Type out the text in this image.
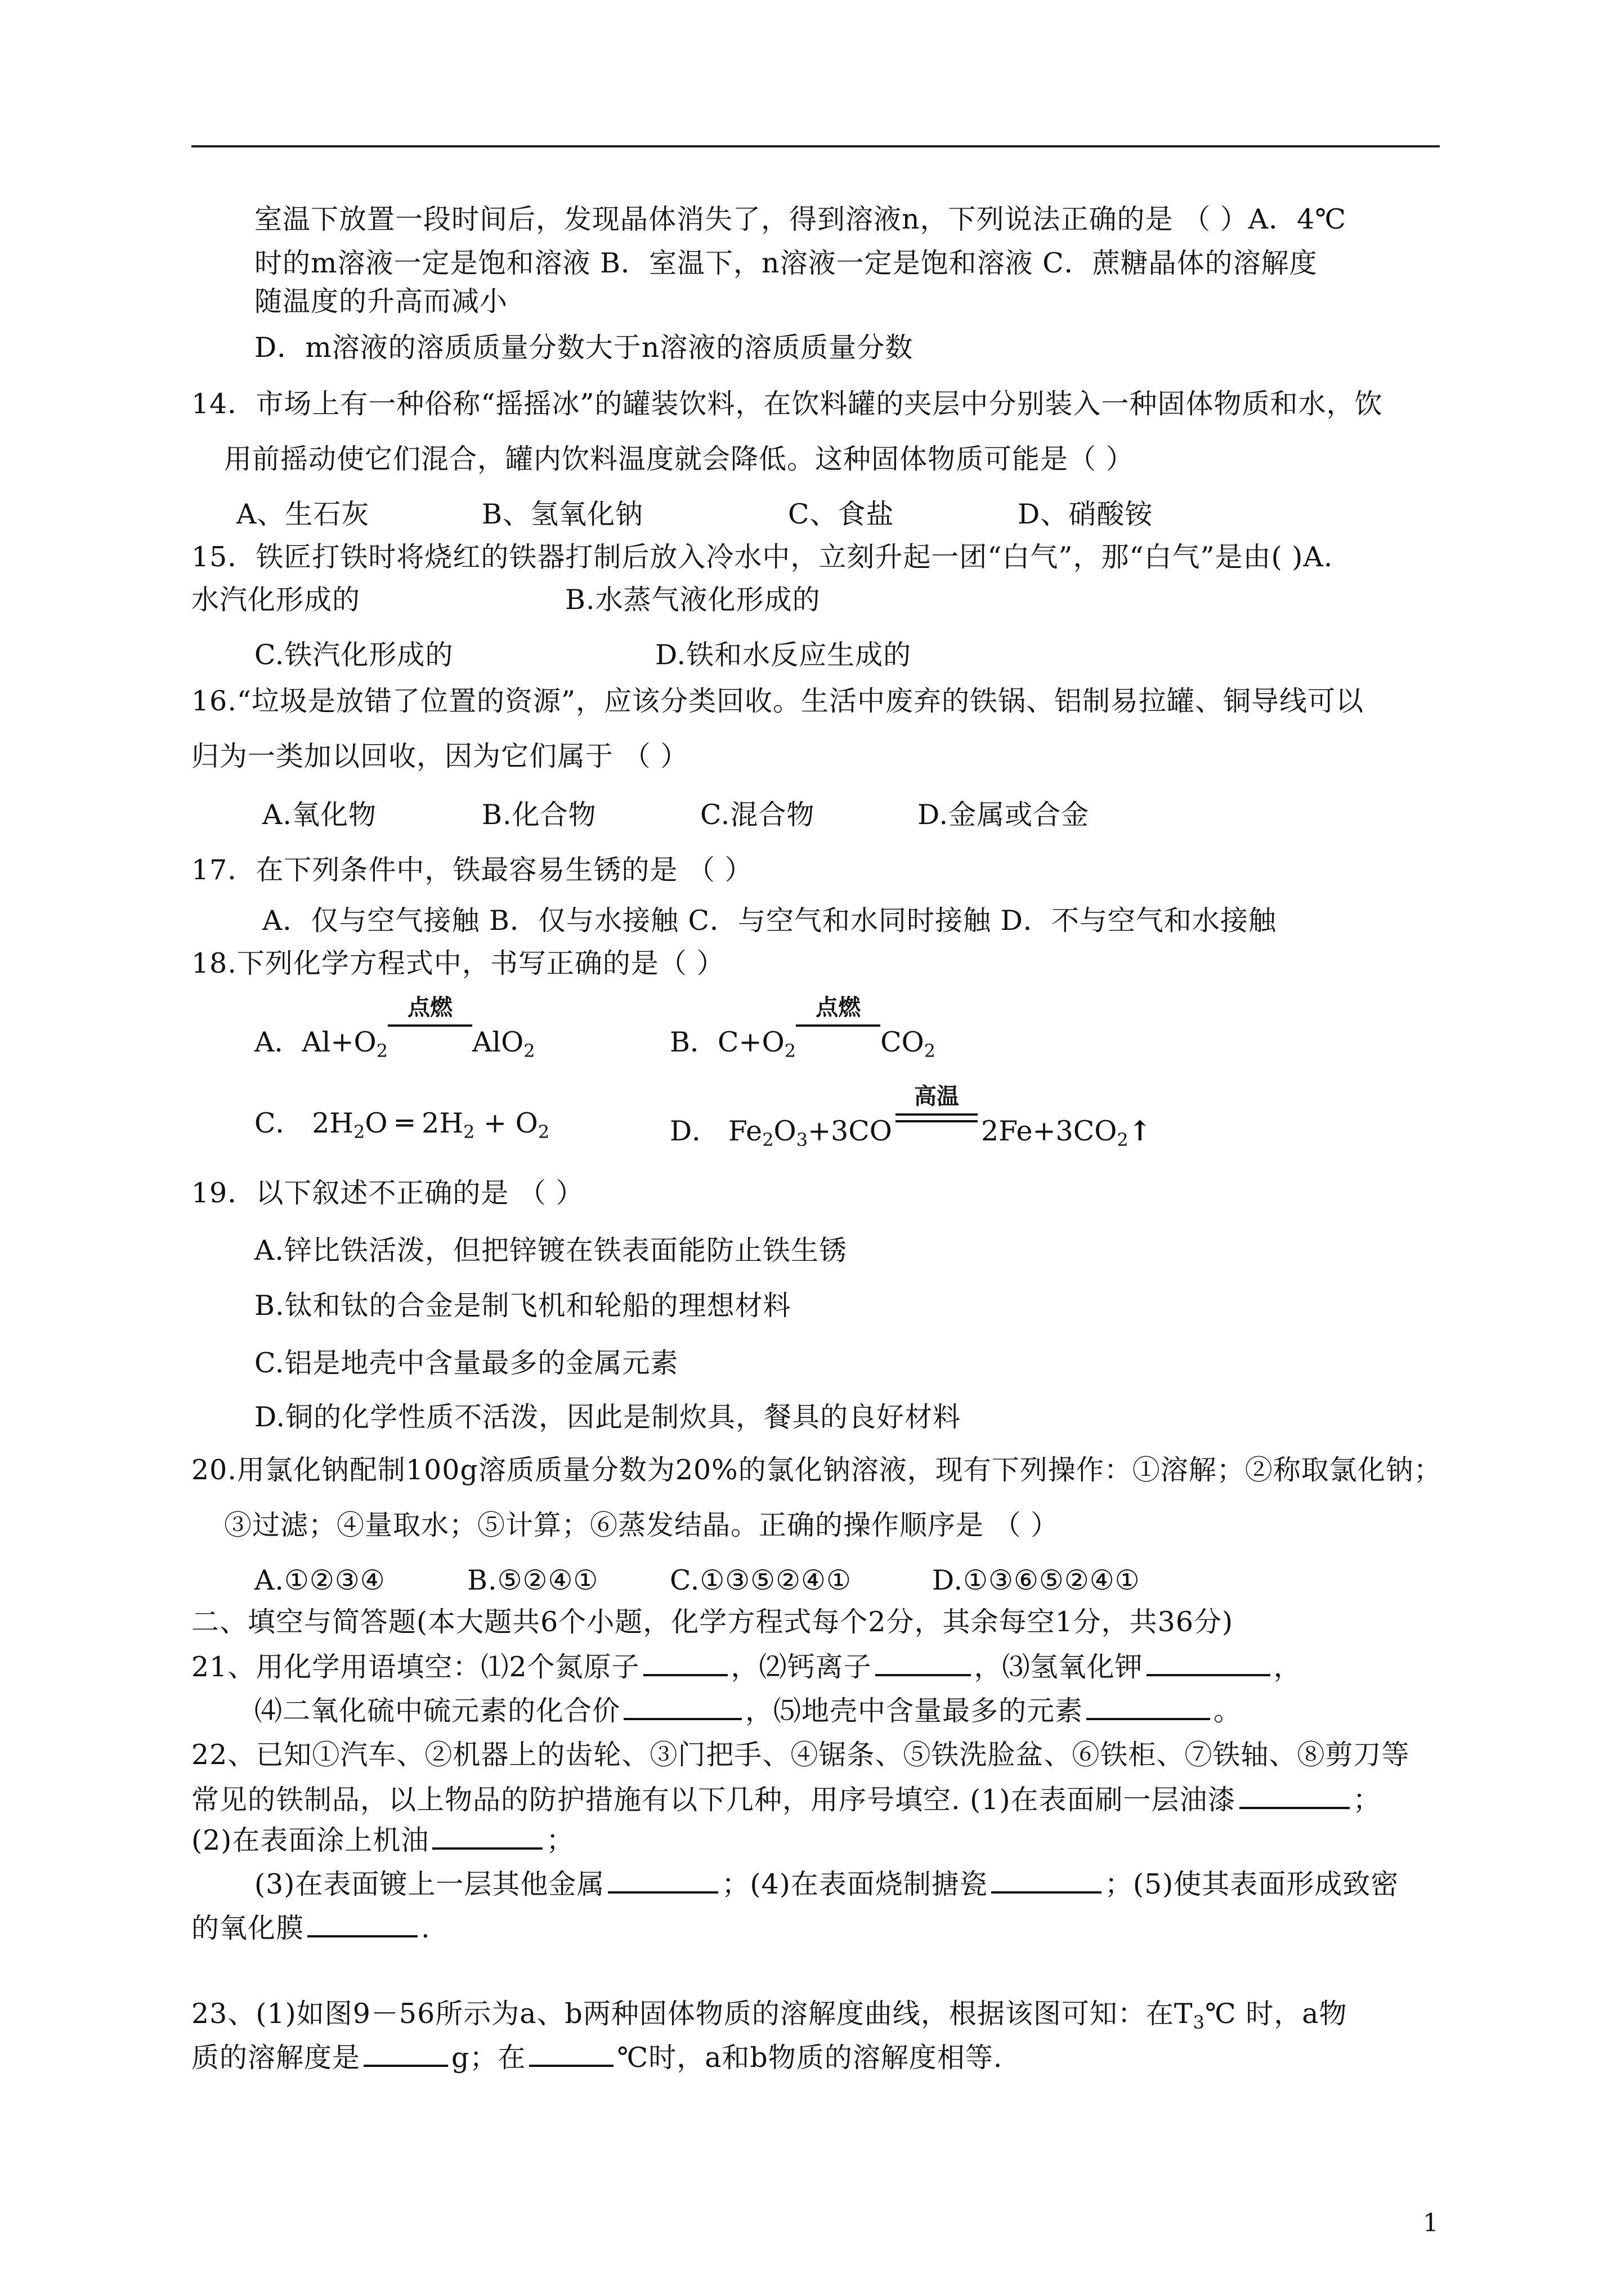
室温下放置一段时间后，发现晶体消失了，得到溶液n，下列说法正确的是 （ ）A．4℃
时的m溶液一定是饱和溶液 B．室温下，n溶液一定是饱和溶液 C．蔗糖晶体的溶解度
随温度的升高而减小
D．m溶液的溶质质量分数大于n溶液的溶质质量分数
14．市场上有一种俗称“摇摇冰”的罐装饮料，在饮料罐的夹层中分别装入一种固体物质和水，饮
用前摇动使它们混合，罐内饮料温度就会降低。这种固体物质可能是（ ）
A、生石灰	B、氢氧化钠	C、食盐	D、硝酸铵
15．铁匠打铁时将烧红的铁器打制后放入冷水中，立刻升起一团“白气”，那“白气”是由( )A.
水汽化形成的	B.水蒸气液化形成的
C.铁汽化形成的	D.铁和水反应生成的
16.“垃圾是放错了位置的资源”，应该分类回收。生活中废弃的铁锅、铝制易拉罐、铜导线可以
归为一类加以回收，因为它们属于 （ ）
A.氧化物	B.化合物	C.混合物	D.金属或合金
17．在下列条件中，铁最容易生锈的是 （ ）
A．仅与空气接触 B．仅与水接触 C．与空气和水同时接触 D．不与空气和水接触
18.下列化学方程式中，书写正确的是（ ）
A．$Al+O_2$
点燃
AlO$_2$	B．$C+O_2$
点燃
$CO_2$
C． $2H_2O$ ═ $2H_2 + O_2$	D． $Fe_2O_3+3CO$
高温
$2Fe+3CO_2↑$
19．以下叙述不正确的是 （ ）
A.锌比铁活泼，但把锌镀在铁表面能防止铁生锈
B.钛和钛的合金是制飞机和轮船的理想材料
C.铝是地壳中含量最多的金属元素
D.铜的化学性质不活泼，因此是制炊具，餐具的良好材料
20.用氯化钠配制100g溶质质量分数为20%的氯化钠溶液，现有下列操作：①溶解；②称取氯化钠；
③过滤；④量取水；⑤计算；⑥蒸发结晶。正确的操作顺序是 （ ）
A.①②③④	B.⑤②④①	C.①③⑤②④①	D.①③⑥⑤②④①
二、填空与简答题(本大题共6个小题，化学方程式每个2分，其余每空1分，共36分)
21、用化学用语填空：⑴2个氮原子	，⑵钙离子	，⑶氢氧化钾	，
⑷二氧化硫中硫元素的化合价	，⑸地壳中含量最多的元素	。
22、已知①汽车、②机器上的齿轮、③门把手、④锯条、⑤铁洗脸盆、⑥铁柜、⑦铁轴、⑧剪刀等
常见的铁制品，以上物品的防护措施有以下几种，用序号填空. (1)在表面刷一层油漆	；
(2)在表面涂上机油	；
(3)在表面镀上一层其他金属	；(4)在表面烧制搪瓷	；(5)使其表面形成致密
的氧化膜	.
23、(1)如图9－56所示为a、b两种固体物质的溶解度曲线，根据该图可知：在$T_3℃$ 时，a物
质的溶解度是	g；在	℃时，a和b物质的溶解度相等.
1
